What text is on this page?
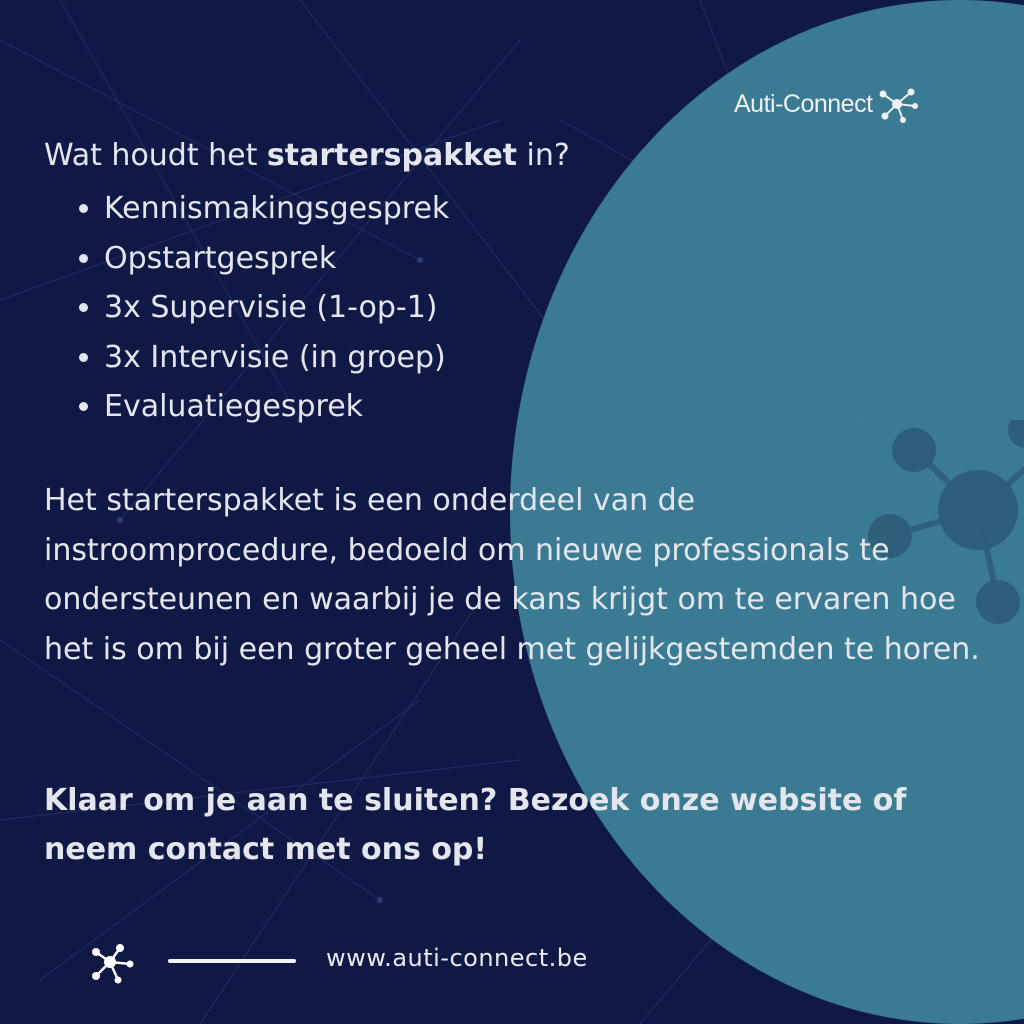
Auti-Connect
Wat houdt het starterspakket in?
• Kennismakingsgesprek
• Opstartgesprek
• 3x Supervisie (1-op-1)
• 3x Intervisie (in groep)
• Evaluatiegesprek

Het starterspakket is een onderdeel van de instroomprocedure, bedoeld om nieuwe professionals te ondersteunen en waarbij je de kans krijgt om te ervaren hoe het is om bij een groter geheel met gelijkgestemden te horen.

Klaar om je aan te sluiten? Bezoek onze website of neem contact met ons op!

www.auti-connect.be
